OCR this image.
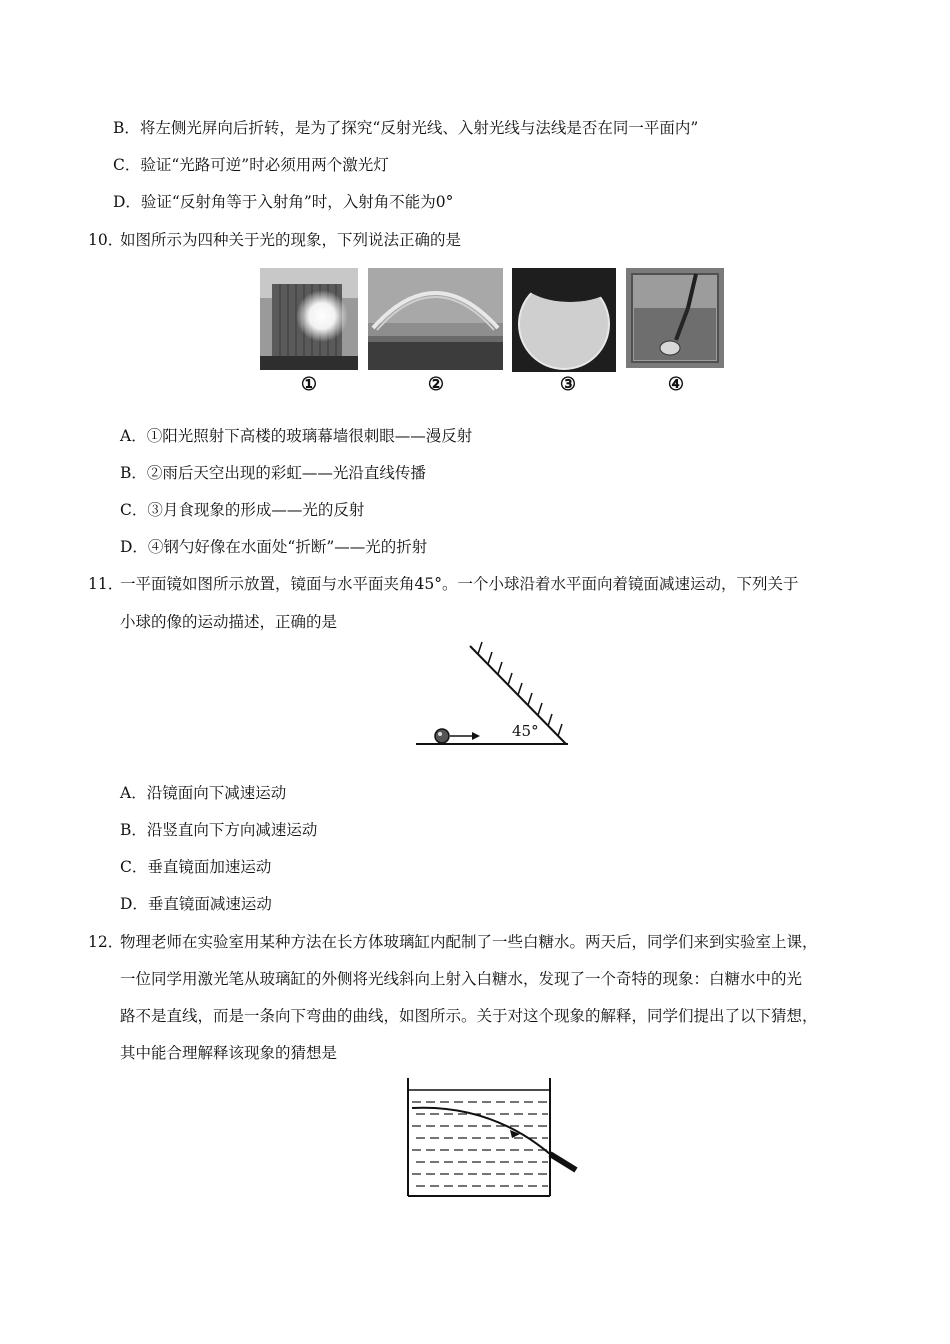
B．将左侧光屏向后折转，是为了探究“反射光线、入射光线与法线是否在同一平面内”
C．验证“光路可逆”时必须用两个激光灯
D．验证“反射角等于入射角”时，入射角不能为0°
10．
如图所示为四种关于光的现象，下列说法正确的是
①	②	③	④
A．①阳光照射下高楼的玻璃幕墙很刺眼——漫反射
B．②雨后天空出现的彩虹——光沿直线传播
C．③月食现象的形成——光的反射
D．④钢勺好像在水面处“折断”——光的折射
11．
一平面镜如图所示放置，镜面与水平面夹角45°。一个小球沿着水平面向着镜面减速运动，下列关于
小球的像的运动描述，正确的是
45°
A．沿镜面向下减速运动
B．沿竖直向下方向减速运动
C．垂直镜面加速运动
D．垂直镜面减速运动
12．
物理老师在实验室用某种方法在长方体玻璃缸内配制了一些白糖水。两天后，同学们来到实验室上课，
一位同学用激光笔从玻璃缸的外侧将光线斜向上射入白糖水，发现了一个奇特的现象：白糖水中的光
路不是直线，而是一条向下弯曲的曲线，如图所示。关于对这个现象的解释，同学们提出了以下猜想，
其中能合理解释该现象的猜想是
